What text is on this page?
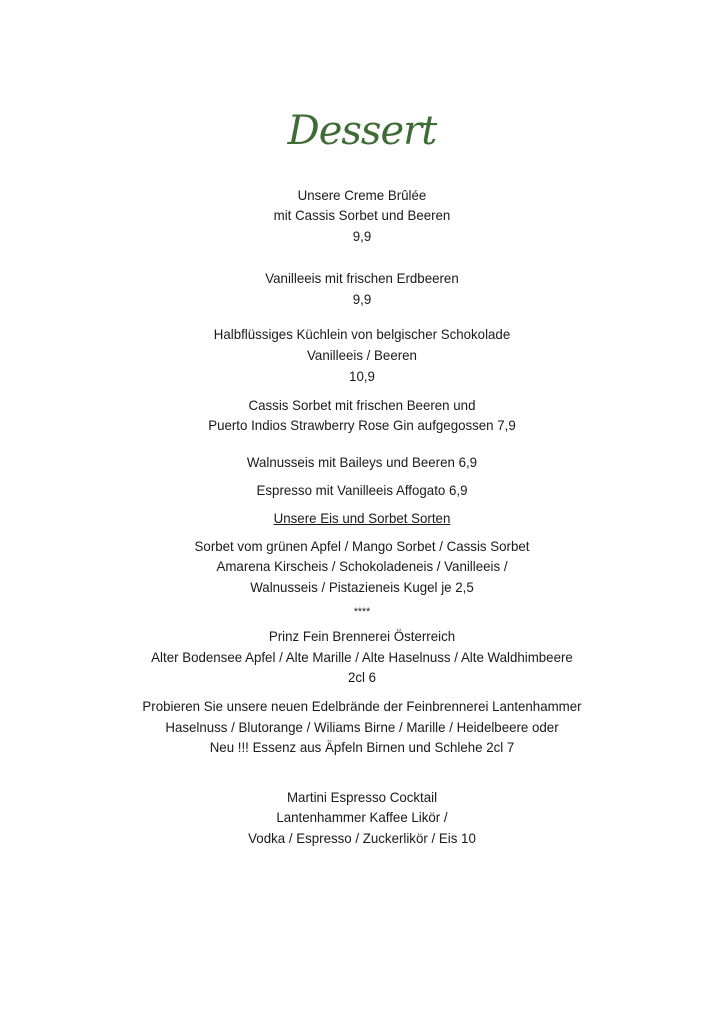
Dessert
Unsere Creme Brûlée
mit Cassis Sorbet und Beeren
9,9
Vanilleeis mit frischen Erdbeeren
9,9
Halbflüssiges Küchlein von belgischer Schokolade
Vanilleeis / Beeren
10,9
Cassis Sorbet mit frischen Beeren und
Puerto Indios Strawberry Rose Gin aufgegossen 7,9
Walnusseis mit Baileys und Beeren 6,9
Espresso mit Vanilleeis Affogato 6,9
Unsere Eis und Sorbet Sorten
Sorbet vom grünen Apfel / Mango Sorbet / Cassis Sorbet
Amarena Kirscheis / Schokoladeneis / Vanilleeis /
Walnusseis / Pistazieneis Kugel je 2,5
****
Prinz Fein Brennerei Österreich
Alter Bodensee Apfel / Alte Marille / Alte Haselnuss / Alte Waldhimbeere
2cl 6
Probieren Sie unsere neuen Edelbrände der Feinbrennerei Lantenhammer
Haselnuss / Blutorange / Wiliams Birne / Marille / Heidelbeere oder
Neu !!! Essenz aus Äpfeln Birnen und Schlehe 2cl 7
Martini Espresso Cocktail
Lantenhammer Kaffee Likör /
Vodka / Espresso / Zuckerlikör / Eis 10
